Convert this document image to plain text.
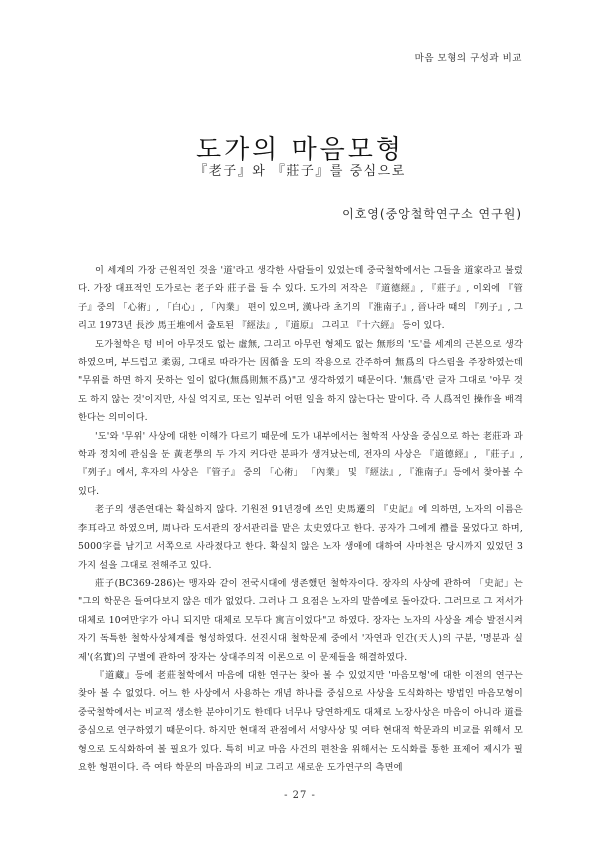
마음 모형의 구성과 비교
도가의 마음모형
『老子』와 『莊子』를 중심으로
이호영(중앙철학연구소 연구원)

이 세계의 가장 근원적인 것을 '道'라고 생각한 사람들이 있었는데 중국철학에서는 그들을 道家라고 불렀다. 가장 대표적인 도가로는 老子와 莊子를 들 수 있다. 도가의 저작은 『道德經』, 『莊子』, 이외에 『管子』중의 「心術」, 「白心」, 「內業」 편이 있으며, 漢나라 초기의 『淮南子』, 晉나라 때의 『列子』, 그리고 1973년 長沙 馬王堆에서 출토된 『經法』, 『道原』 그리고 『十六經』 등이 있다.

도가철학은 텅 비어 아무것도 없는 虛無, 그리고 아무런 형체도 없는 無形의 '도'를 세계의 근본으로 생각하였으며, 부드럽고 柔弱, 그대로 따라가는 因循을 도의 작용으로 간주하여 無爲의 다스림을 주장하였는데 "무위를 하면 하지 못하는 일이 없다(無爲則無不爲)"고 생각하였기 때문이다. '無爲'란 글자 그대로 '아무 것도 하지 않는 것'이지만, 사실 억지로, 또는 일부러 어떤 일을 하지 않는다는 말이다. 즉 人爲적인 操作을 배격한다는 의미이다.

'도'와 '무위' 사상에 대한 이해가 다르기 때문에 도가 내부에서는 철학적 사상을 중심으로 하는 老莊과 과학과 정치에 관심을 둔 黃老學의 두 가지 커다란 분파가 생겨났는데, 전자의 사상은 『道德經』, 『莊子』, 『列子』에서, 후자의 사상은 『管子』 중의 「心術」 「內業」 및 『經法』, 『淮南子』등에서 찾아볼 수 있다.

老子의 생존연대는 확실하지 않다. 기원전 91년경에 쓰인 史馬遷의 『史記』에 의하면, 노자의 이름은 李耳라고 하였으며, 周나라 도서관의 장서관리를 맡은 太史였다고 한다. 공자가 그에게 禮를 물었다고 하며, 5000字를 남기고 서쪽으로 사라졌다고 한다. 확실치 않은 노자 생애에 대하여 사마천은 당시까지 있었던 3가지 설을 그대로 전해주고 있다.

莊子(BC369-286)는 맹자와 같이 전국시대에 생존했던 철학자이다. 장자의 사상에 관하여 「史記」는 "그의 학문은 들여다보지 않은 데가 없었다. 그러나 그 요점은 노자의 말씀에로 돌아갔다. 그러므로 그 저서가 대체로 10여만字가 아니 되지만 대체로 모두다 寓言이었다"고 하였다. 장자는 노자의 사상을 계승 발전시켜 자기 독특한 철학사상체계를 형성하였다. 선진시대 철학문제 중에서 '자연과 인간(天人)의 구분, '명분과 실제'(名實)의 구별에 관하여 장자는 상대주의적 이론으로 이 문제들을 해결하였다.

『道藏』등에 老莊철학에서 마음에 대한 연구는 찾아 볼 수 있었지만 '마음모형'에 대한 이전의 연구는 찾아 볼 수 없었다. 어느 한 사상에서 사용하는 개념 하나를 중심으로 사상을 도식화하는 방법인 마음모형이 중국철학에서는 비교적 생소한 분야이기도 한데다 너무나 당연하게도 대체로 노장사상은 마음이 아니라 道를 중심으로 연구하였기 때문이다. 하지만 현대적 관점에서 서양사상 및 여타 현대적 학문과의 비교를 위해서 모형으로 도식화하여 볼 필요가 있다. 특히 비교 마음 사건의 편찬을 위해서는 도식화를 통한 표제어 제시가 필요한 형편이다. 즉 여타 학문의 마음과의 비교 그리고 새로운 도가연구의 측면에

- 27 -
